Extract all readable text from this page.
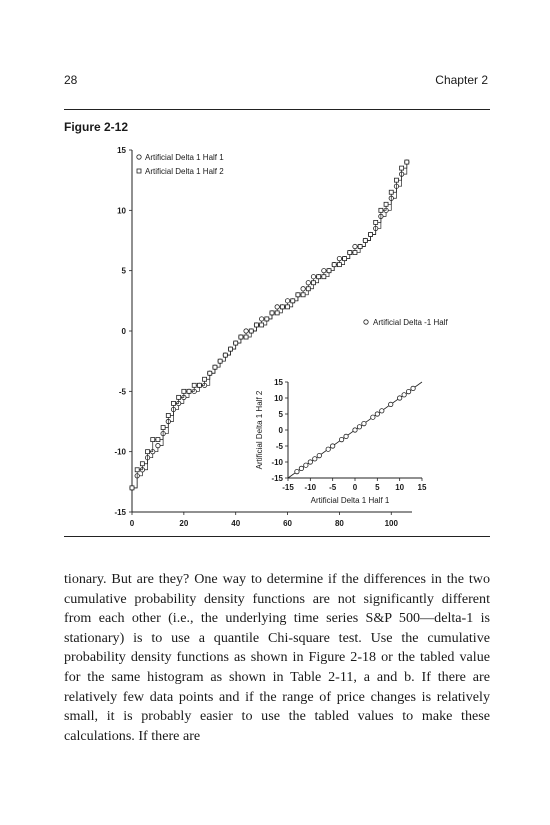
28	Chapter 2
Figure 2-12
15
10
5
0
-5
-10
-15
0	20	40	60	80	100
Artificial Delta 1 Half 1
Artificial Delta 1 Half 2
15
10
5
0
-5
-10
-15
-15 -10 -5 0 5 10 15
Artificial Delta 1 Half 1
Artificial Delta 1 Half 2
Artificial Delta -1 Half

tionary. But are they? One way to determine if the differences in the two cumulative probability density functions are not significantly different from each other (i.e., the underlying time series S&P 500—delta-1 is stationary) is to use a quantile Chi-square test. Use the cumulative probability density functions as shown in Figure 2-18 or the tabled value for the same histogram as shown in Table 2-11, a and b. If there are relatively few data points and if the range of price changes is relatively small, it is probably easier to use the tabled values to make these calculations. If there are
